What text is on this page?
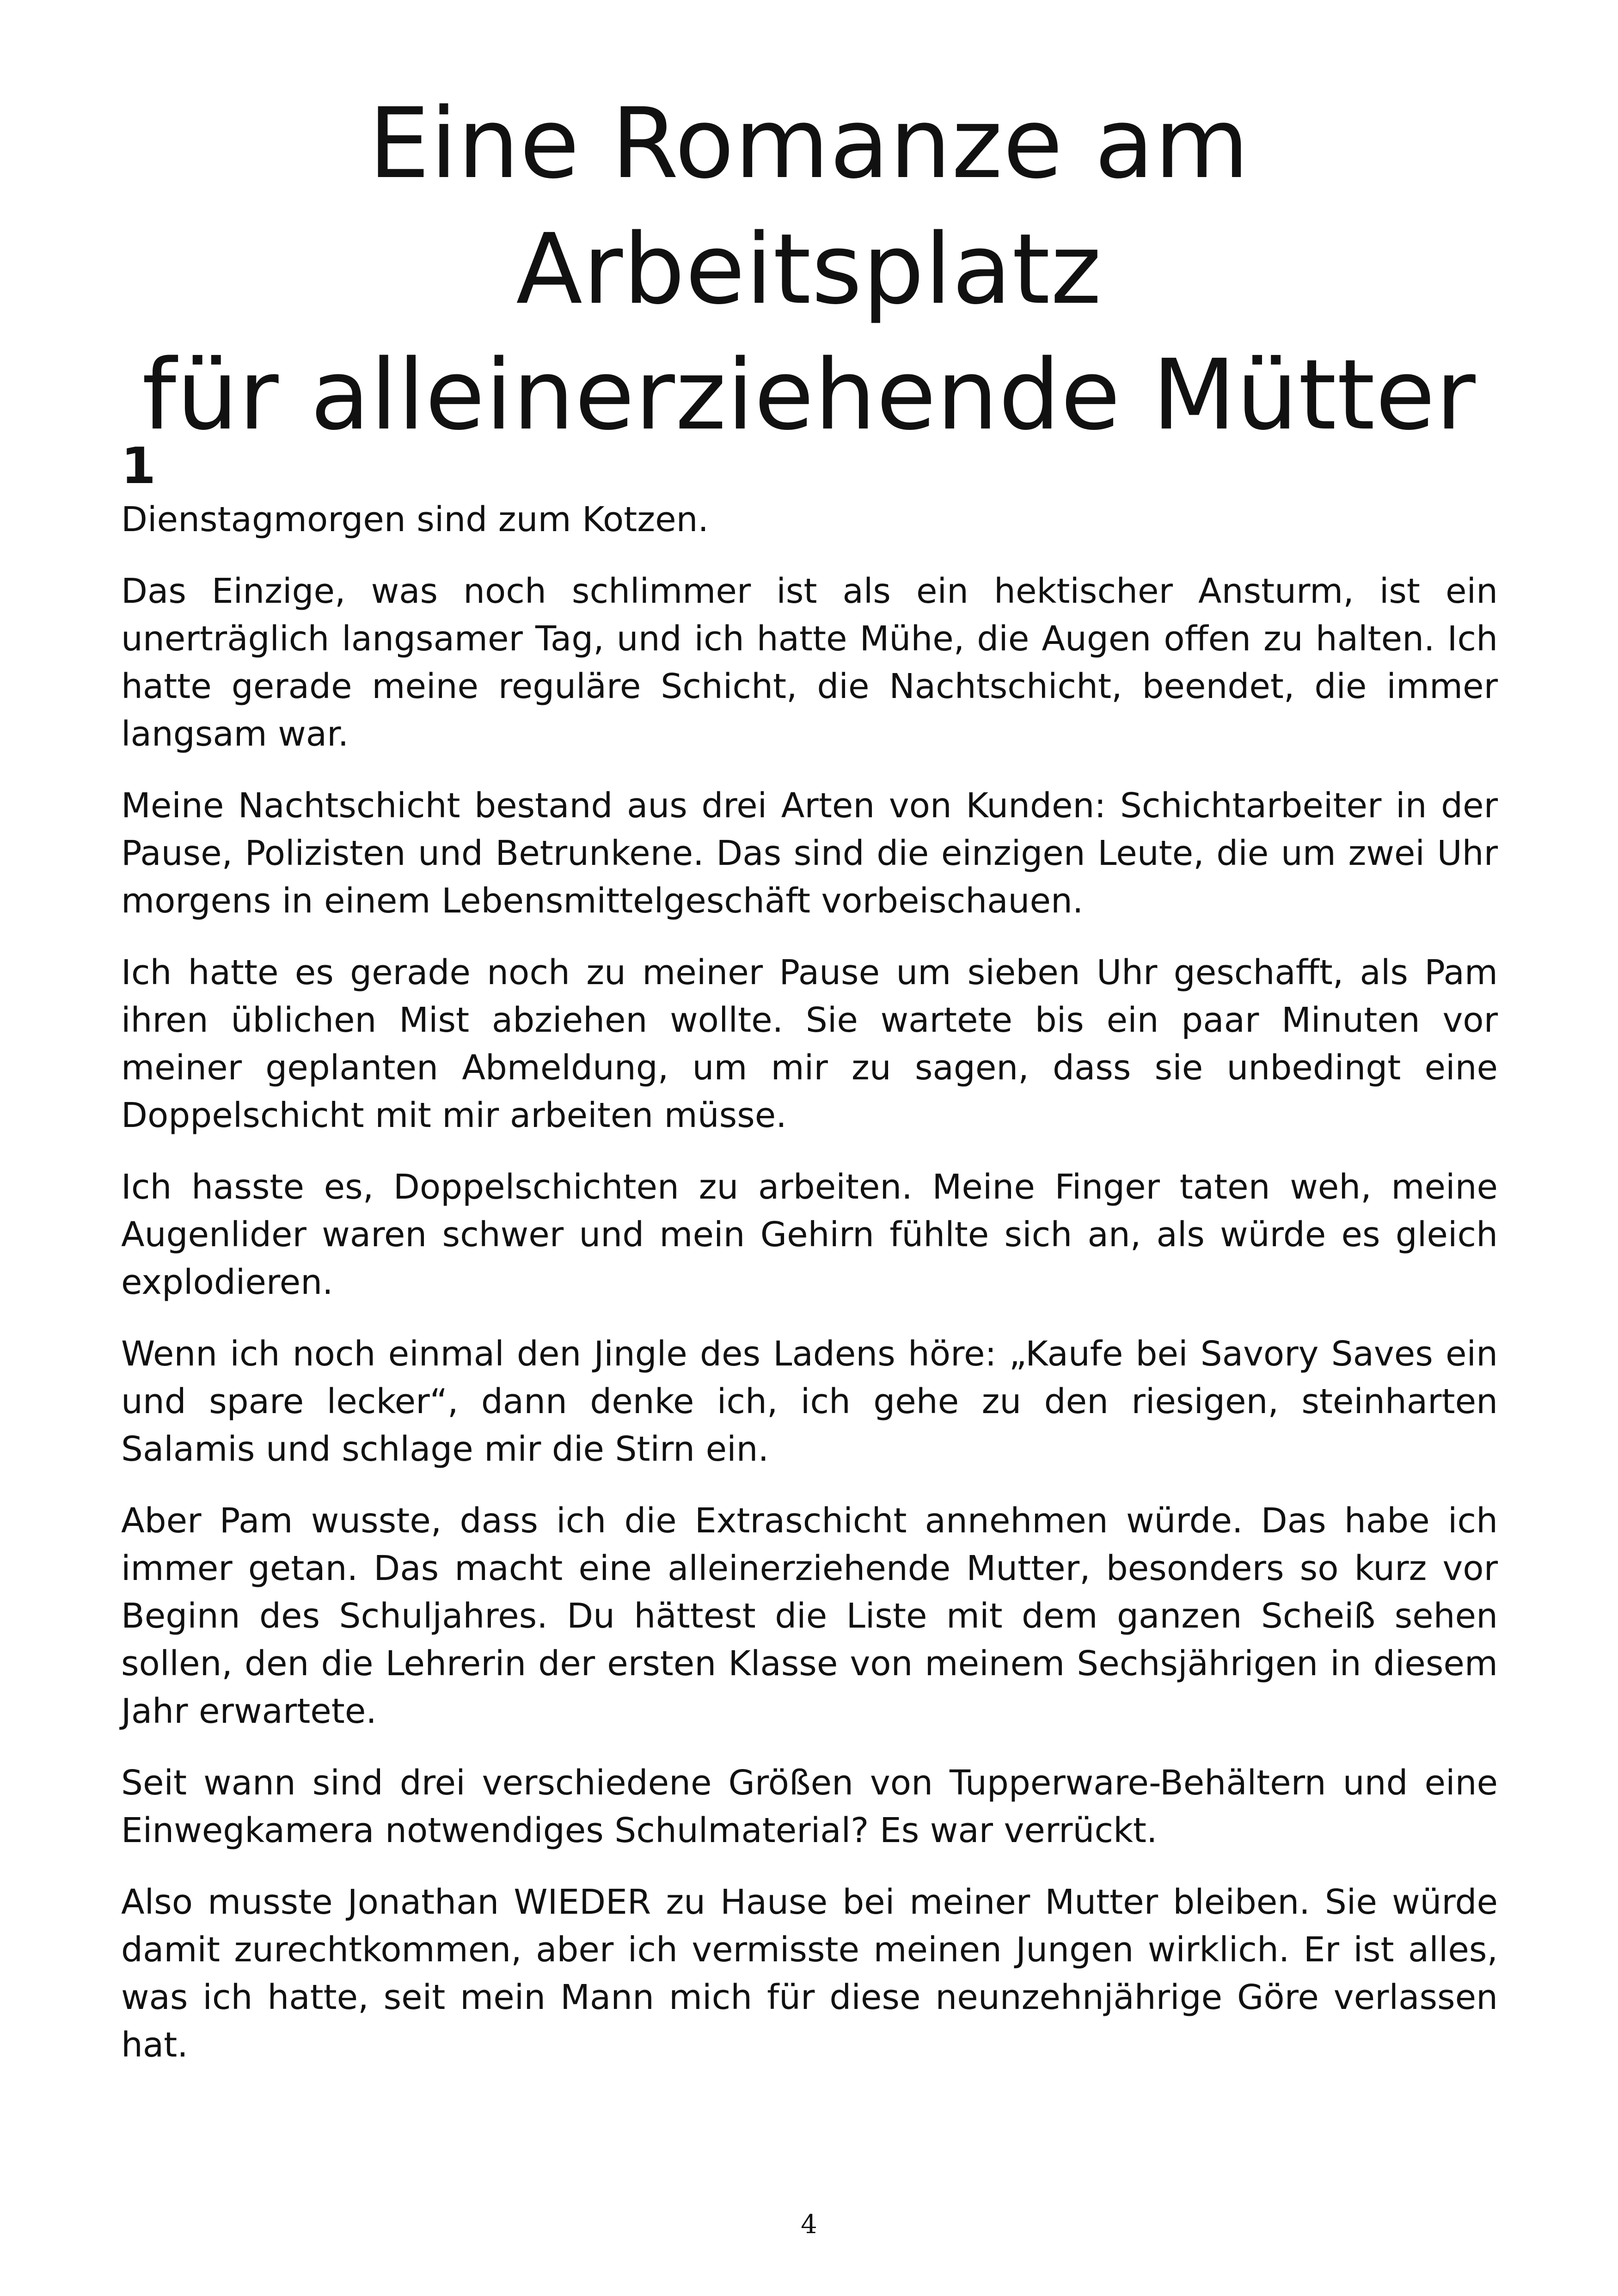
Eine Romanze am Arbeitsplatz
für alleinerziehende Mütter
1

Dienstagmorgen sind zum Kotzen.

Das Einzige, was noch schlimmer ist als ein hektischer Ansturm, ist ein unerträglich langsamer Tag, und ich hatte Mühe, die Augen offen zu halten. Ich hatte gerade meine reguläre Schicht, die Nachtschicht, beendet, die immer langsam war.

Meine Nachtschicht bestand aus drei Arten von Kunden: Schichtarbeiter in der Pause, Polizisten und Betrunkene. Das sind die einzigen Leute, die um zwei Uhr morgens in einem Lebensmittelgeschäft vorbeischauen.

Ich hatte es gerade noch zu meiner Pause um sieben Uhr geschafft, als Pam ihren üblichen Mist abziehen wollte. Sie wartete bis ein paar Minuten vor meiner geplanten Abmeldung, um mir zu sagen, dass sie unbedingt eine Doppelschicht mit mir arbeiten müsse.

Ich hasste es, Doppelschichten zu arbeiten. Meine Finger taten weh, meine Augenlider waren schwer und mein Gehirn fühlte sich an, als würde es gleich explodieren.

Wenn ich noch einmal den Jingle des Ladens höre: „Kaufe bei Savory Saves ein und spare lecker“, dann denke ich, ich gehe zu den riesigen, steinharten Salamis und schlage mir die Stirn ein.

Aber Pam wusste, dass ich die Extraschicht annehmen würde. Das habe ich immer getan. Das macht eine alleinerziehende Mutter, besonders so kurz vor Beginn des Schuljahres. Du hättest die Liste mit dem ganzen Scheiß sehen sollen, den die Lehrerin der ersten Klasse von meinem Sechsjährigen in diesem Jahr erwartete.

Seit wann sind drei verschiedene Größen von Tupperware-Behältern und eine Einwegkamera notwendiges Schulmaterial? Es war verrückt.

Also musste Jonathan WIEDER zu Hause bei meiner Mutter bleiben. Sie würde damit zurechtkommen, aber ich vermisste meinen Jungen wirklich. Er ist alles, was ich hatte, seit mein Mann mich für diese neunzehnjährige Göre verlassen hat.

4
